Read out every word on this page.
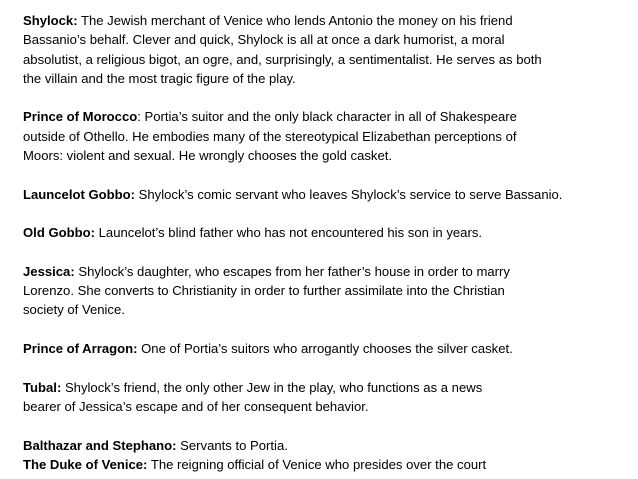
Shylock: The Jewish merchant of Venice who lends Antonio the money on his friend
Bassanio’s behalf. Clever and quick, Shylock is all at once a dark humorist, a moral
absolutist, a religious bigot, an ogre, and, surprisingly, a sentimentalist. He serves as both
the villain and the most tragic figure of the play.
Prince of Morocco: Portia’s suitor and the only black character in all of Shakespeare
outside of Othello. He embodies many of the stereotypical Elizabethan perceptions of
Moors: violent and sexual. He wrongly chooses the gold casket.
Launcelot Gobbo: Shylock’s comic servant who leaves Shylock’s service to serve Bassanio.
Old Gobbo: Launcelot’s blind father who has not encountered his son in years.
Jessica: Shylock’s daughter, who escapes from her father’s house in order to marry
Lorenzo. She converts to Christianity in order to further assimilate into the Christian
society of Venice.
Prince of Arragon: One of Portia’s suitors who arrogantly chooses the silver casket.
Tubal: Shylock’s friend, the only other Jew in the play, who functions as a news
bearer of Jessica’s escape and of her consequent behavior.
Balthazar and Stephano: Servants to Portia.
The Duke of Venice: The reigning official of Venice who presides over the court
